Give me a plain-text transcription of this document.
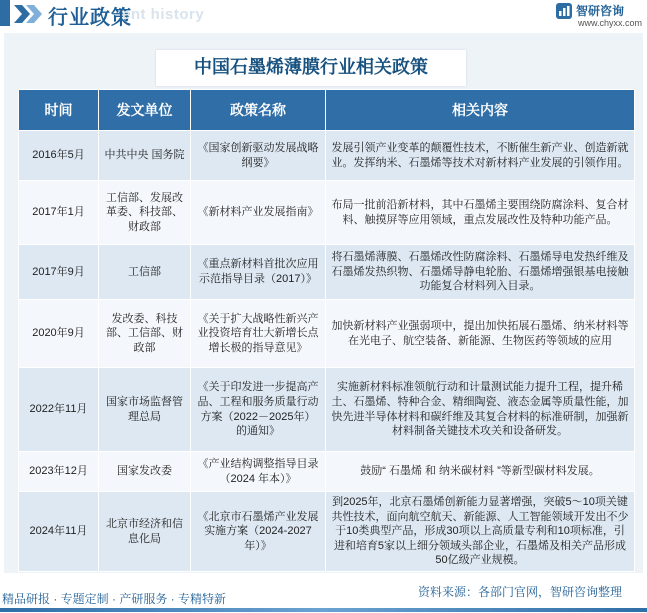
行业政策
ent history	智研咨询
www.chyxx.com
中国石墨烯薄膜行业相关政策
时间	发文单位	政策名称	相关内容
2016年5月	中共中央 国务院	《国家创新驱动发展战略纲要》	发展引领产业变革的颠覆性技术，不断催生新产业、创造新就业。发挥纳米、石墨烯等技术对新材料产业发展的引领作用。
2017年1月	工信部、发展改革委、科技部、财政部	《新材料产业发展指南》	布局一批前沿新材料，其中石墨烯主要围绕防腐涂料、复合材料、触摸屏等应用领域，重点发展改性及特种功能产品。
2017年9月	工信部	《重点新材料首批次应用示范指导目录（2017）》	将石墨烯薄膜、石墨烯改性防腐涂料、石墨烯导电发热纤维及石墨烯发热织物、石墨烯导静电轮胎、石墨烯增强银基电接触功能复合材料列入目录。
2020年9月	发改委、科技部、工信部、财政部	《关于扩大战略性新兴产业投资培育壮大新增长点增长极的指导意见》	加快新材料产业强弱项中，提出加快拓展石墨烯、纳米材料等在光电子、航空装备、新能源、生物医药等领域的应用
2022年11月	国家市场监督管理总局	《关于印发进一步提高产品、工程和服务质量行动方案（2022－2025年）的通知》	实施新材料标准领航行动和计量测试能力提升工程，提升稀土、石墨烯、特种合金、精细陶瓷、液态金属等质量性能，加快先进半导体材料和碳纤维及其复合材料的标准研制，加强新材料制备关键技术攻关和设备研发。
2023年12月	国家发改委	《产业结构调整指导目录（2024 年本）》	鼓励“ 石墨烯 和 纳米碳材料 ”等新型碳材料发展。
2024年11月	北京市经济和信息化局	《北京市石墨烯产业发展实施方案（2024-2027年）》	到2025年，北京石墨烯创新能力显著增强，突破5～10项关键共性技术，面向航空航天、新能源、人工智能领域开发出不少于10类典型产品，形成30项以上高质量专利和10项标准，引进和培育5家以上细分领域头部企业，石墨烯及相关产品形成50亿级产业规模。
精品研报 · 专题定制 · 产研服务 · 专精特新	资料来源：各部门官网，智研咨询整理
